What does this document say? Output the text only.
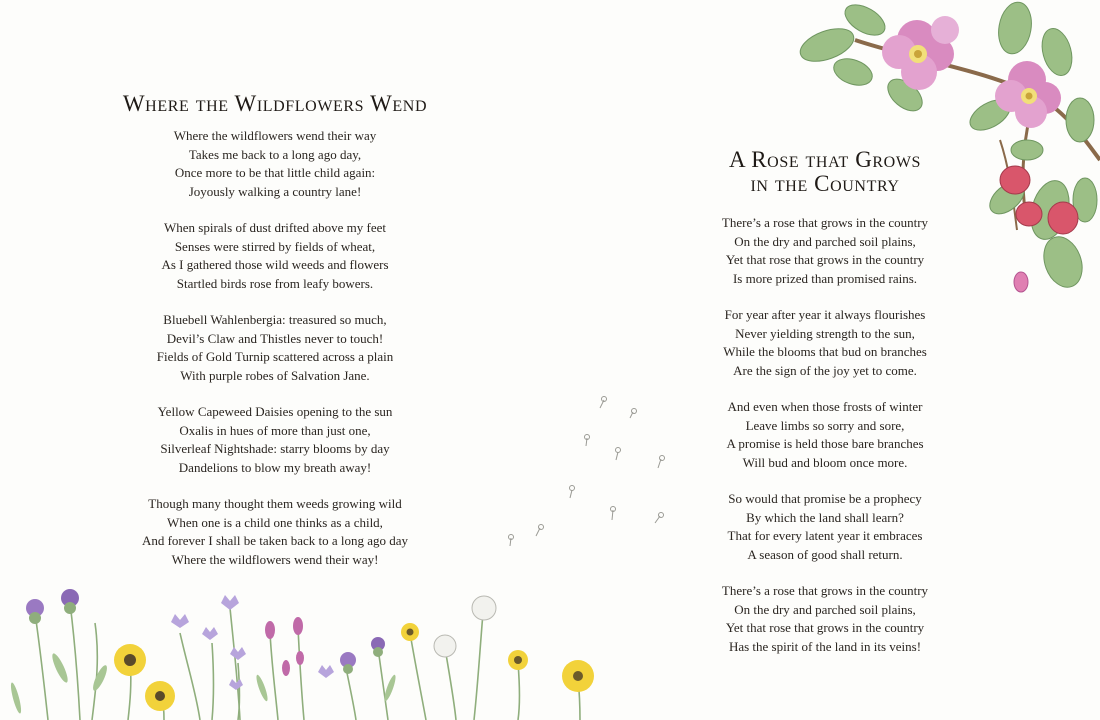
Where the Wildflowers Wend
Where the wildflowers wend their way
Takes me back to a long ago day,
Once more to be that little child again:
Joyously walking a country lane!
When spirals of dust drifted above my feet
Senses were stirred by fields of wheat,
As I gathered those wild weeds and flowers
Startled birds rose from leafy bowers.
Bluebell Wahlenbergia: treasured so much,
Devil’s Claw and Thistles never to touch!
Fields of Gold Turnip scattered across a plain
With purple robes of Salvation Jane.
Yellow Capeweed Daisies opening to the sun
Oxalis in hues of more than just one,
Silverleaf Nightshade: starry blooms by day
Dandelions to blow my breath away!
Though many thought them weeds growing wild
When one is a child one thinks as a child,
And forever I shall be taken back to a long ago day
Where the wildflowers wend their way!
A Rose that Grows
in the Country
There’s a rose that grows in the country
On the dry and parched soil plains,
Yet that rose that grows in the country
Is more prized than promised rains.
For year after year it always flourishes
Never yielding strength to the sun,
While the blooms that bud on branches
Are the sign of the joy yet to come.
And even when those frosts of winter
Leave limbs so sorry and sore,
A promise is held those bare branches
Will bud and bloom once more.
So would that promise be a prophecy
By which the land shall learn?
That for every latent year it embraces
A season of good shall return.
There’s a rose that grows in the country
On the dry and parched soil plains,
Yet that rose that grows in the country
Has the spirit of the land in its veins!
